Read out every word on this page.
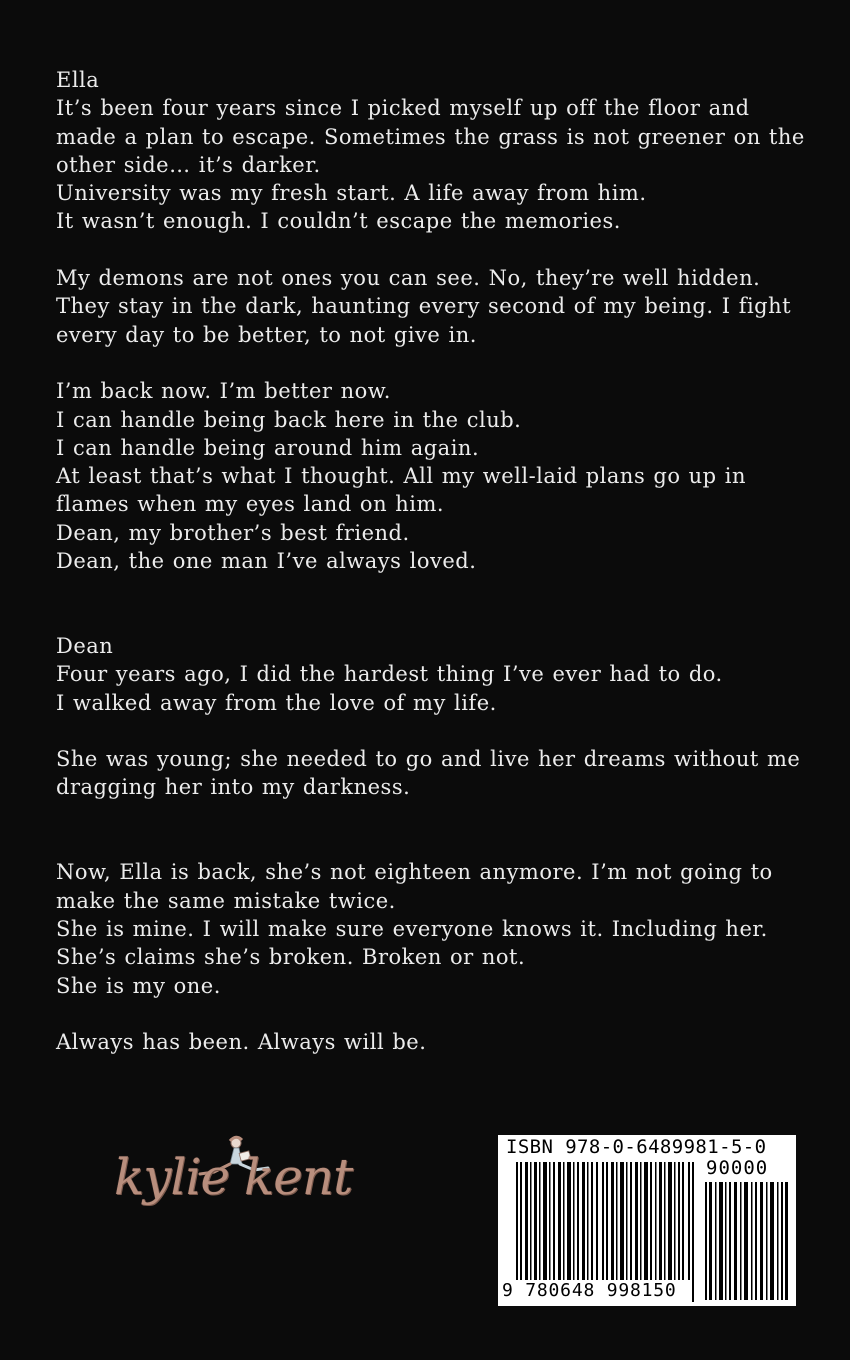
Ella
It’s been four years since I picked myself up off the floor and
made a plan to escape. Sometimes the grass is not greener on the
other side… it’s darker.
University was my fresh start. A life away from him.
It wasn’t enough. I couldn’t escape the memories.
My demons are not ones you can see. No, they’re well hidden.
They stay in the dark, haunting every second of my being. I fight
every day to be better, to not give in.
I’m back now. I’m better now.
I can handle being back here in the club.
I can handle being around him again.
At least that’s what I thought. All my well-laid plans go up in
flames when my eyes land on him.
Dean, my brother’s best friend.
Dean, the one man I’ve always loved.
Dean
Four years ago, I did the hardest thing I’ve ever had to do.
I walked away from the love of my life.
She was young; she needed to go and live her dreams without me
dragging her into my darkness.
Now, Ella is back, she’s not eighteen anymore. I’m not going to
make the same mistake twice.
She is mine. I will make sure everyone knows it. Including her.
She’s claims she’s broken. Broken or not.
She is my one.
Always has been. Always will be.
kylie kent
ISBN 978-0-6489981-5-0
90000
9 780648 998150
